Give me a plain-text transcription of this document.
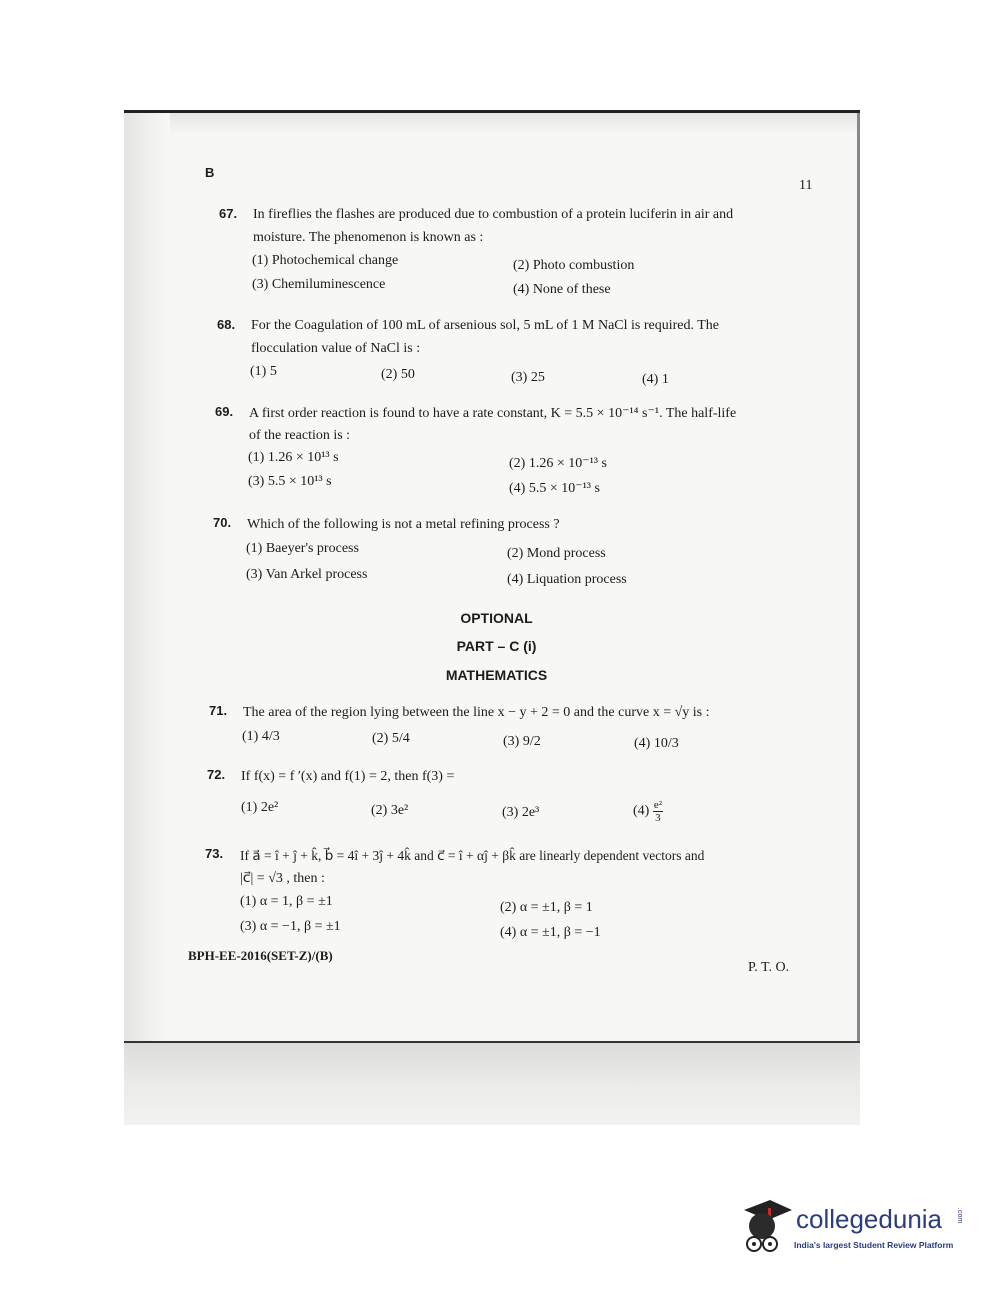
B
11
67. In fireflies the flashes are produced due to combustion of a protein luciferin in air and
moisture. The phenomenon is known as :
(1) Photochemical change	(2) Photo combustion
(3) Chemiluminescence	(4) None of these
68. For the Coagulation of 100 mL of arsenious sol, 5 mL of 1 M NaCl is required. The
flocculation value of NaCl is :
(1) 5	(2) 50	(3) 25	(4) 1
69. A first order reaction is found to have a rate constant, K = 5.5 × 10⁻¹⁴ s⁻¹. The half-life
of the reaction is :
(1) 1.26 × 10¹³ s	(2) 1.26 × 10⁻¹³ s
(3) 5.5 × 10¹³ s	(4) 5.5 × 10⁻¹³ s
70. Which of the following is not a metal refining process ?
(1) Baeyer's process	(2) Mond process
(3) Van Arkel process	(4) Liquation process
OPTIONAL
PART – C (i)
MATHEMATICS
71. The area of the region lying between the line x − y + 2 = 0 and the curve x = √y is :
(1) 4/3	(2) 5/4	(3) 9/2	(4) 10/3
72. If f(x) = f ′(x) and f(1) = 2, then f(3) =
(1) 2e²	(2) 3e²	(3) 2e³	$(4) \frac{\text{e²}}{3}$
73. If a⃗ = î + ĵ + k̂, b⃗ = 4î + 3ĵ + 4k̂ and c⃗ = î + αĵ + βk̂ are linearly dependent vectors and
|c⃗| = √3 , then :
(1) α = 1, β = ±1	(2) α = ±1, β = 1
(3) α = −1, β = ±1	(4) α = ±1, β = −1
BPH-EE-2016(SET-Z)/(B)
P. T. O.
collegedunia .com
India's largest Student Review Platform
